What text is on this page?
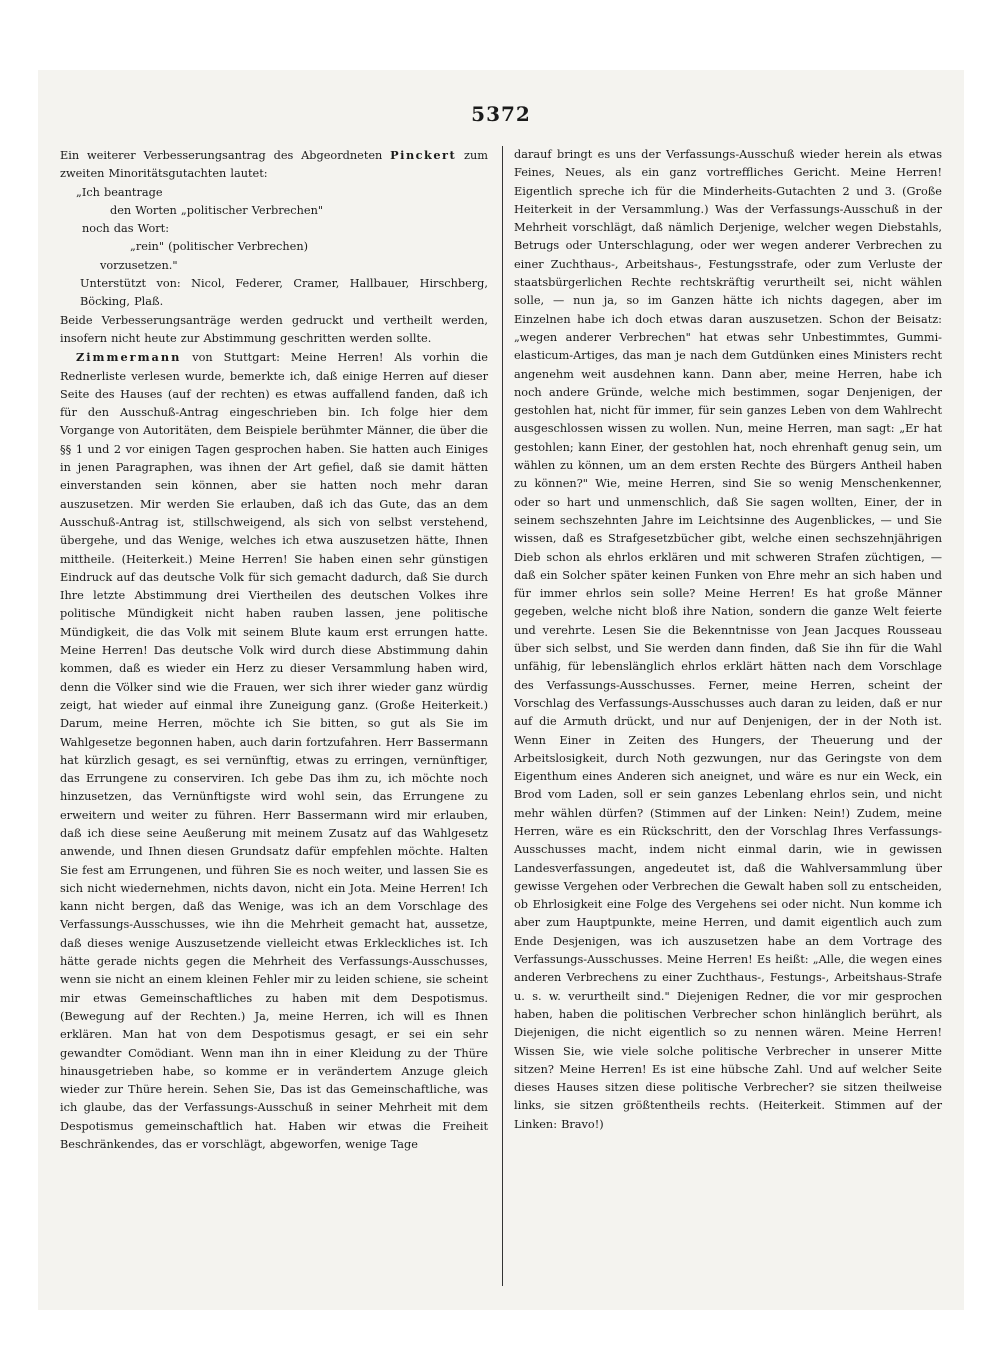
5372

Ein weiterer Verbesserungsantrag des Abgeordneten Pinckert zum zweiten Minoritätsgutachten lautet:

„Ich beantrage

den Worten „politischer Verbrechen"

noch das Wort:

„rein" (politischer Verbrechen)

vorzusetzen."

Unterstützt von: Nicol, Federer, Cramer, Hallbauer, Hirschberg, Böcking, Plaß.

Beide Verbesserungsanträge werden gedruckt und vertheilt werden, insofern nicht heute zur Abstimmung geschritten werden sollte.

Zimmermann von Stuttgart: Meine Herren! Als vorhin die Rednerliste verlesen wurde, bemerkte ich, daß einige Herren auf dieser Seite des Hauses (auf der rechten) es etwas auffallend fanden, daß ich für den Ausschuß-Antrag eingeschrieben bin. Ich folge hier dem Vorgange von Autoritäten, dem Beispiele berühmter Männer, die über die §§ 1 und 2 vor einigen Tagen gesprochen haben. Sie hatten auch Einiges in jenen Paragraphen, was ihnen der Art gefiel, daß sie damit hätten einverstanden sein können, aber sie hatten noch mehr daran auszusetzen. Mir werden Sie erlauben, daß ich das Gute, das an dem Ausschuß-Antrag ist, stillschweigend, als sich von selbst verstehend, übergehe, und das Wenige, welches ich etwa auszusetzen hätte, Ihnen mittheile. (Heiterkeit.) Meine Herren! Sie haben einen sehr günstigen Eindruck auf das deutsche Volk für sich gemacht dadurch, daß Sie durch Ihre letzte Abstimmung drei Viertheilen des deutschen Volkes ihre politische Mündigkeit nicht haben rauben lassen, jene politische Mündigkeit, die das Volk mit seinem Blute kaum erst errungen hatte. Meine Herren! Das deutsche Volk wird durch diese Abstimmung dahin kommen, daß es wieder ein Herz zu dieser Versammlung haben wird, denn die Völker sind wie die Frauen, wer sich ihrer wieder ganz würdig zeigt, hat wieder auf einmal ihre Zuneigung ganz. (Große Heiterkeit.) Darum, meine Herren, möchte ich Sie bitten, so gut als Sie im Wahlgesetze begonnen haben, auch darin fortzufahren. Herr Bassermann hat kürzlich gesagt, es sei vernünftig, etwas zu erringen, vernünftiger, das Errungene zu conserviren. Ich gebe Das ihm zu, ich möchte noch hinzusetzen, das Vernünftigste wird wohl sein, das Errungene zu erweitern und weiter zu führen. Herr Bassermann wird mir erlauben, daß ich diese seine Aeußerung mit meinem Zusatz auf das Wahlgesetz anwende, und Ihnen diesen Grundsatz dafür empfehlen möchte. Halten Sie fest am Errungenen, und führen Sie es noch weiter, und lassen Sie es sich nicht wiedernehmen, nichts davon, nicht ein Jota. Meine Herren! Ich kann nicht bergen, daß das Wenige, was ich an dem Vorschlage des Verfassungs-Ausschusses, wie ihn die Mehrheit gemacht hat, aussetze, daß dieses wenige Auszusetzende vielleicht etwas Erkleckliches ist. Ich hätte gerade nichts gegen die Mehrheit des Verfassungs-Ausschusses, wenn sie nicht an einem kleinen Fehler mir zu leiden schiene, sie scheint mir etwas Gemeinschaftliches zu haben mit dem Despotismus. (Bewegung auf der Rechten.) Ja, meine Herren, ich will es Ihnen erklären. Man hat von dem Despotismus gesagt, er sei ein sehr gewandter Comödiant. Wenn man ihn in einer Kleidung zu der Thüre hinausgetrieben habe, so komme er in verändertem Anzuge gleich wieder zur Thüre herein. Sehen Sie, Das ist das Gemeinschaftliche, was ich glaube, das der Verfassungs-Ausschuß in seiner Mehrheit mit dem Despotismus gemeinschaftlich hat. Haben wir etwas die Freiheit Beschränkendes, das er vorschlägt, abgeworfen, wenige Tage

darauf bringt es uns der Verfassungs-Ausschuß wieder herein als etwas Feines, Neues, als ein ganz vortreffliches Gericht. Meine Herren! Eigentlich spreche ich für die Minderheits-Gutachten 2 und 3. (Große Heiterkeit in der Versammlung.) Was der Verfassungs-Ausschuß in der Mehrheit vorschlägt, daß nämlich Derjenige, welcher wegen Diebstahls, Betrugs oder Unterschlagung, oder wer wegen anderer Verbrechen zu einer Zuchthaus-, Arbeitshaus-, Festungsstrafe, oder zum Verluste der staatsbürgerlichen Rechte rechtskräftig verurtheilt sei, nicht wählen solle, — nun ja, so im Ganzen hätte ich nichts dagegen, aber im Einzelnen habe ich doch etwas daran auszusetzen. Schon der Beisatz: „wegen anderer Verbrechen" hat etwas sehr Unbestimmtes, Gummi-elasticum-Artiges, das man je nach dem Gutdünken eines Ministers recht angenehm weit ausdehnen kann. Dann aber, meine Herren, habe ich noch andere Gründe, welche mich bestimmen, sogar Denjenigen, der gestohlen hat, nicht für immer, für sein ganzes Leben von dem Wahlrecht ausgeschlossen wissen zu wollen. Nun, meine Herren, man sagt: „Er hat gestohlen; kann Einer, der gestohlen hat, noch ehrenhaft genug sein, um wählen zu können, um an dem ersten Rechte des Bürgers Antheil haben zu können?" Wie, meine Herren, sind Sie so wenig Menschenkenner, oder so hart und unmenschlich, daß Sie sagen wollten, Einer, der in seinem sechszehnten Jahre im Leichtsinne des Augenblickes, — und Sie wissen, daß es Strafgesetzbücher gibt, welche einen sechszehnjährigen Dieb schon als ehrlos erklären und mit schweren Strafen züchtigen, — daß ein Solcher später keinen Funken von Ehre mehr an sich haben und für immer ehrlos sein solle? Meine Herren! Es hat große Männer gegeben, welche nicht bloß ihre Nation, sondern die ganze Welt feierte und verehrte. Lesen Sie die Bekenntnisse von Jean Jacques Rousseau über sich selbst, und Sie werden dann finden, daß Sie ihn für die Wahl unfähig, für lebenslänglich ehrlos erklärt hätten nach dem Vorschlage des Verfassungs-Ausschusses. Ferner, meine Herren, scheint der Vorschlag des Verfassungs-Ausschusses auch daran zu leiden, daß er nur auf die Armuth drückt, und nur auf Denjenigen, der in der Noth ist. Wenn Einer in Zeiten des Hungers, der Theuerung und der Arbeitslosigkeit, durch Noth gezwungen, nur das Geringste von dem Eigenthum eines Anderen sich aneignet, und wäre es nur ein Weck, ein Brod vom Laden, soll er sein ganzes Lebenlang ehrlos sein, und nicht mehr wählen dürfen? (Stimmen auf der Linken: Nein!) Zudem, meine Herren, wäre es ein Rückschritt, den der Vorschlag Ihres Verfassungs-Ausschusses macht, indem nicht einmal darin, wie in gewissen Landesverfassungen, angedeutet ist, daß die Wahlversammlung über gewisse Vergehen oder Verbrechen die Gewalt haben soll zu entscheiden, ob Ehrlosigkeit eine Folge des Vergehens sei oder nicht. Nun komme ich aber zum Hauptpunkte, meine Herren, und damit eigentlich auch zum Ende Desjenigen, was ich auszusetzen habe an dem Vortrage des Verfassungs-Ausschusses. Meine Herren! Es heißt: „Alle, die wegen eines anderen Verbrechens zu einer Zuchthaus-, Festungs-, Arbeitshaus-Strafe u. s. w. verurtheilt sind." Diejenigen Redner, die vor mir gesprochen haben, haben die politischen Verbrecher schon hinlänglich berührt, als Diejenigen, die nicht eigentlich so zu nennen wären. Meine Herren! Wissen Sie, wie viele solche politische Verbrecher in unserer Mitte sitzen? Meine Herren! Es ist eine hübsche Zahl. Und auf welcher Seite dieses Hauses sitzen diese politische Verbrecher? sie sitzen theilweise links, sie sitzen größtentheils rechts. (Heiterkeit. Stimmen auf der Linken: Bravo!)
